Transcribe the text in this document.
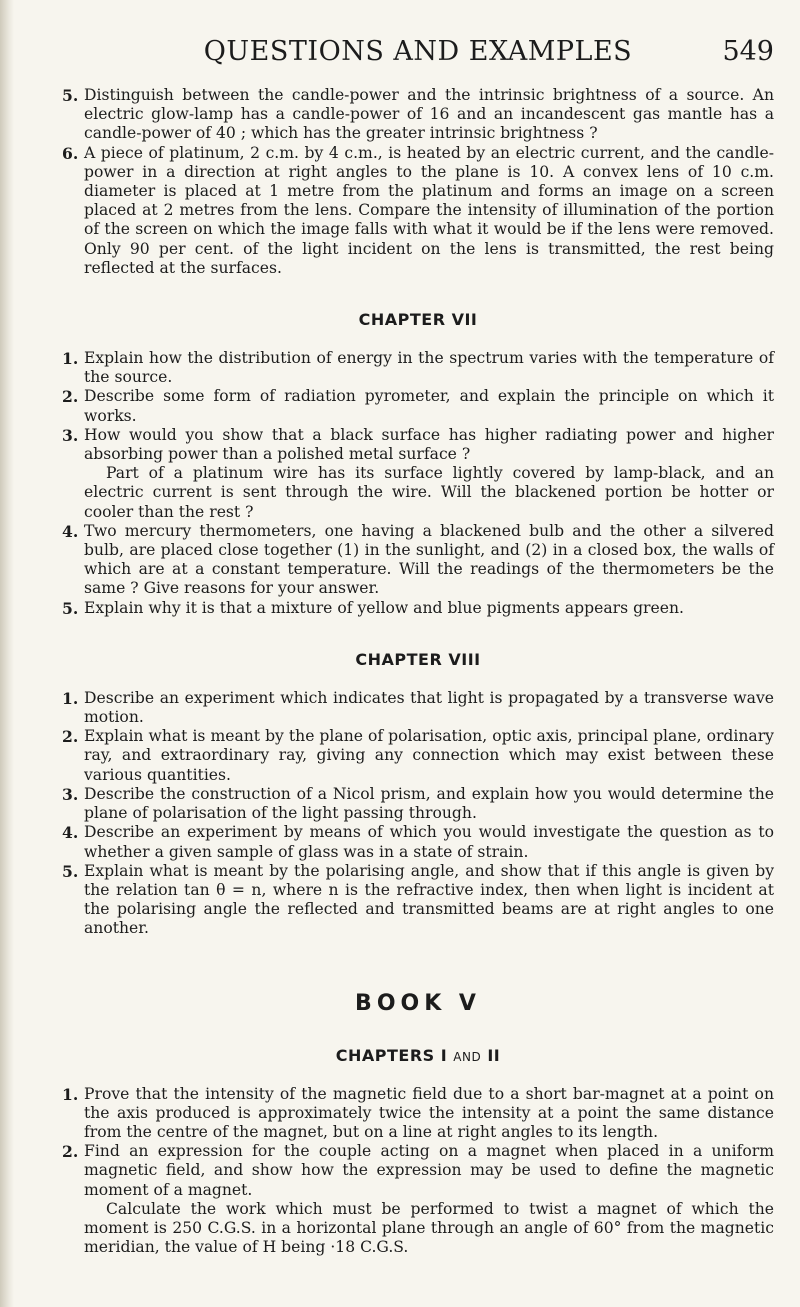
QUESTIONS AND EXAMPLES	549
5. Distinguish between the candle-power and the intrinsic brightness of a source. An electric glow-lamp has a candle-power of 16 and an incandescent gas mantle has a candle-power of 40 ; which has the greater intrinsic brightness ?

6. A piece of platinum, 2 c.m. by 4 c.m., is heated by an electric current, and the candle-power in a direction at right angles to the plane is 10. A convex lens of 10 c.m. diameter is placed at 1 metre from the platinum and forms an image on a screen placed at 2 metres from the lens. Compare the intensity of illumination of the portion of the screen on which the image falls with what it would be if the lens were removed. Only 90 per cent. of the light incident on the lens is transmitted, the rest being reflected at the surfaces.

CHAPTER VII
1. Explain how the distribution of energy in the spectrum varies with the temperature of the source.

2. Describe some form of radiation pyrometer, and explain the principle on which it works.

3. How would you show that a black surface has higher radiating power and higher absorbing power than a polished metal surface ?

Part of a platinum wire has its surface lightly covered by lamp-black, and an electric current is sent through the wire. Will the blackened portion be hotter or cooler than the rest ?

4. Two mercury thermometers, one having a blackened bulb and the other a silvered bulb, are placed close together (1) in the sunlight, and (2) in a closed box, the walls of which are at a constant temperature. Will the readings of the thermometers be the same ? Give reasons for your answer.

5. Explain why it is that a mixture of yellow and blue pigments appears green.

CHAPTER VIII
1. Describe an experiment which indicates that light is propagated by a transverse wave motion.

2. Explain what is meant by the plane of polarisation, optic axis, principal plane, ordinary ray, and extraordinary ray, giving any connection which may exist between these various quantities.

3. Describe the construction of a Nicol prism, and explain how you would determine the plane of polarisation of the light passing through.

4. Describe an experiment by means of which you would investigate the question as to whether a given sample of glass was in a state of strain.

5. Explain what is meant by the polarising angle, and show that if this angle is given by the relation tan θ = n, where n is the refractive index, then when light is incident at the polarising angle the reflected and transmitted beams are at right angles to one another.

BOOK V
CHAPTERS I AND II
1. Prove that the intensity of the magnetic field due to a short bar-magnet at a point on the axis produced is approximately twice the intensity at a point the same distance from the centre of the magnet, but on a line at right angles to its length.

2. Find an expression for the couple acting on a magnet when placed in a uniform magnetic field, and show how the expression may be used to define the magnetic moment of a magnet.

Calculate the work which must be performed to twist a magnet of which the moment is 250 C.G.S. in a horizontal plane through an angle of 60° from the magnetic meridian, the value of H being ·18 C.G.S.
